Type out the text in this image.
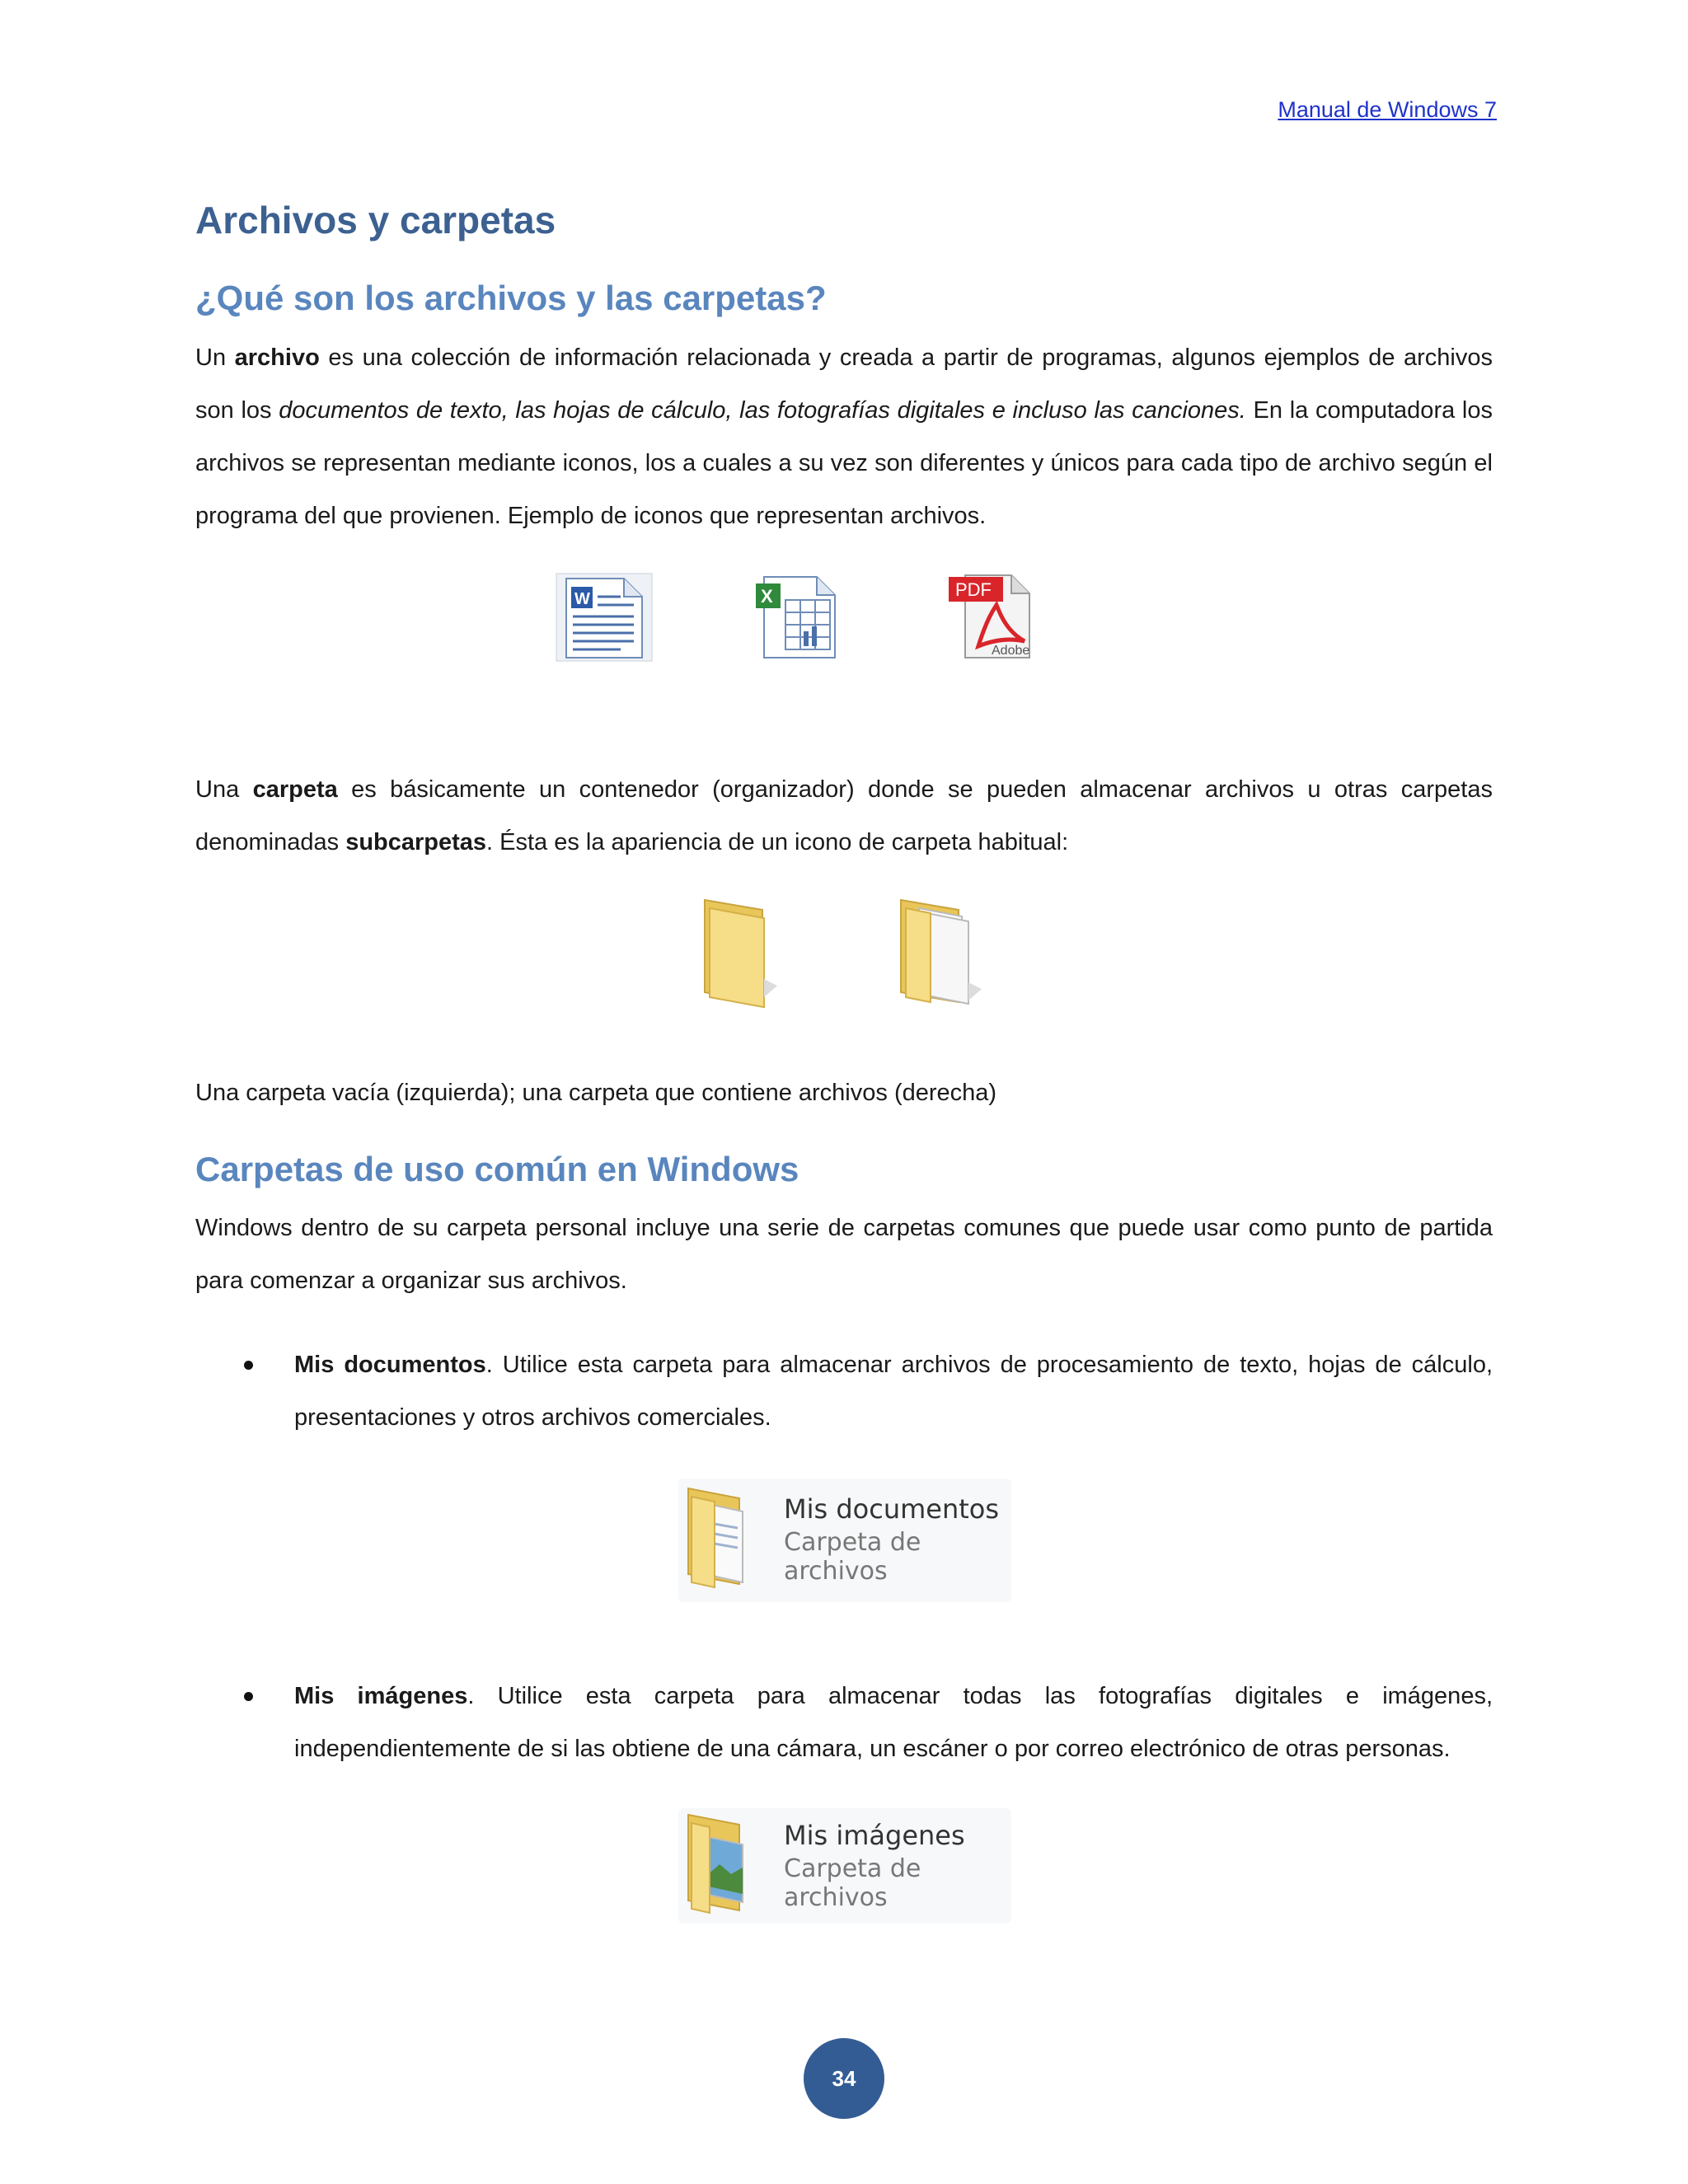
Manual de Windows 7
Archivos y carpetas
¿Qué son los archivos y las carpetas?

Un archivo es una colección de información relacionada y creada a partir de programas, algunos ejemplos de archivos son los documentos de texto, las hojas de cálculo, las fotografías digitales e incluso las canciones. En la computadora los archivos se representan mediante iconos, los a cuales a su vez son diferentes y únicos para cada tipo de archivo según el programa del que provienen. Ejemplo de iconos que representan archivos.

W	X	PDF
Adobe

Una carpeta es básicamente un contenedor (organizador) donde se pueden almacenar archivos u otras carpetas denominadas subcarpetas. Ésta es la apariencia de un icono de carpeta habitual:

Una carpeta vacía (izquierda); una carpeta que contiene archivos (derecha)
Carpetas de uso común en Windows

Windows dentro de su carpeta personal incluye una serie de carpetas comunes que puede usar como punto de partida para comenzar a organizar sus archivos.

Mis documentos. Utilice esta carpeta para almacenar archivos de procesamiento de texto, hojas de cálculo, presentaciones y otros archivos comerciales.

Mis documentos
Carpeta de archivos

Mis imágenes. Utilice esta carpeta para almacenar todas las fotografías digitales e imágenes, independientemente de si las obtiene de una cámara, un escáner o por correo electrónico de otras personas.

Mis imágenes
Carpeta de archivos
34
